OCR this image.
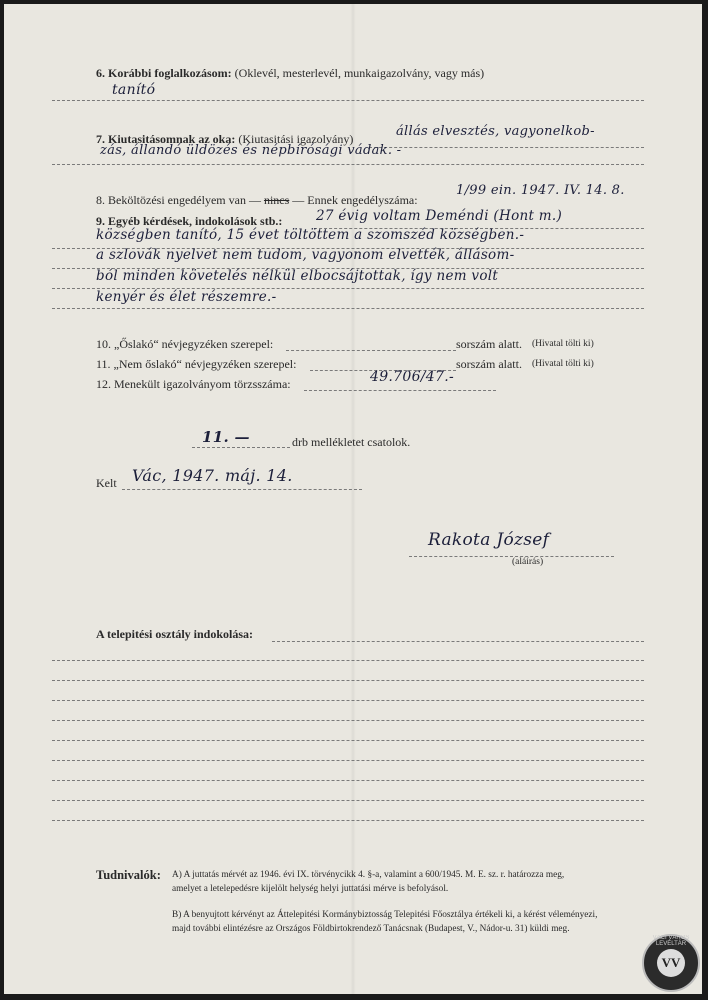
6. Korábbi foglalkozásom: (Oklevél, mesterlevél, munkaigazolvány, vagy más)
tanító
7. Kiutasitásomnak az oka: (Kiutasitási igazolvány)	állás elvesztés, vagyonelkob-
zás, állandó üldözés és népbírósági vádak. -
8. Beköltözési engedélyem van — nincs — Ennek engedélyszáma:
1/99 ein. 1947. IV. 14. 8.
9. Egyéb kérdések, indokolások stb.: 27 évig voltam Deméndi (Hont m.)
községben tanító, 15 évet töltöttem a szomszéd községben.-
a szlovák nyelvet nem tudom, vagyonom elvették, állásom-
ból minden követelés nélkül elbocsájtottak, így nem volt
kenyér és élet részemre.-
10. „Őslakó“ névjegyzéken szerepel:	sorszám alatt. (Hivatal tölti ki)
11. „Nem őslakó“ névjegyzéken szerepel:	sorszám alatt. (Hivatal tölti ki)
12. Menekült igazolványom törzsszáma:	49.706/47.-
11. —	drb mellékletet csatolok.
Kelt Vác, 1947. máj. 14.
Rakota József
(aláírás)
A telepitési osztály indokolása:
Tudnivalók: A) A juttatás mérvét az 1946. évi IX. törvénycikk 4. §-a, valamint a 600/1945. M. E. sz. r. határozza meg,
amelyet a letelepedésre kijelölt helység helyi juttatási mérve is befolyásol.
B) A benyujtott kérvényt az Áttelepitési Kormánybiztosság Telepitési Főosztálya értékeli ki, a kérést véleményezi,
majd további elintézésre az Országos Földbirtokrendező Tanácsnak (Budapest, V., Nádor-u. 31) küldi meg.
VV
VÁCI VÁROS LEVÉLTÁR
